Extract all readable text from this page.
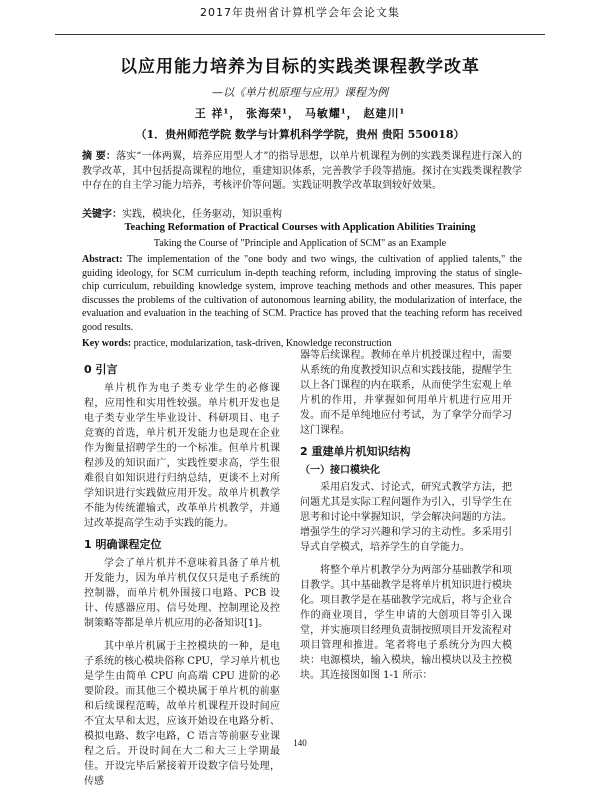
2017年贵州省计算机学会年会论文集
以应用能力培养为目标的实践类课程教学改革
—以《单片机原理与应用》课程为例
王 祥¹， 张海荣¹， 马敏耀¹， 赵建川¹
（1．贵州师范学院 数学与计算机科学学院，贵州 贵阳 550018）
摘 要：落实“一体两翼，培养应用型人才”的指导思想，以单片机课程为例的实践类课程进行深入的教学改革，其中包括提高课程的地位，重建知识体系，完善教学手段等措施。探讨在实践类课程教学中存在的自主学习能力培养，考核评价等问题。实践证明教学改革取到较好效果。
关键字：实践，模块化，任务驱动，知识重构
Teaching Reformation of Practical Courses with Application Abilities Training
Taking the Course of "Principle and Application of SCM" as an Example
Abstract: The implementation of the "one body and two wings, the cultivation of applied talents," the guiding ideology, for SCM curriculum in-depth teaching reform, including improving the status of single-chip curriculum, rebuilding knowledge system, improve teaching methods and other measures. This paper discusses the problems of the cultivation of autonomous learning ability, the modularization of interface, the evaluation and evaluation in the teaching of SCM. Practice has proved that the teaching reform has received good results.
Key words: practice, modularization, task-driven, Knowledge reconstruction
0 引言

单片机作为电子类专业学生的必修课程，应用性和实用性较强。单片机开发也是电子类专业学生毕业设计、科研项目、电子竞赛的首选，单片机开发能力也是现在企业作为衡量招聘学生的一个标准。但单片机课程涉及的知识面广，实践性要求高，学生很难很自如知识进行归纳总结，更谈不上对所学知识进行实践做应用开发。故单片机教学不能为传统灌输式，改革单片机教学，并通过改革提高学生动手实践的能力。

1 明确课程定位

学会了单片机并不意味着具备了单片机开发能力，因为单片机仅仅只是电子系统的控制器，而单片机外围接口电路、PCB 设计、传感器应用、信号处理、控制理论及控制策略等都是单片机应用的必备知识[1]。

其中单片机属于主控模块的一种，是电子系统的核心模块俗称 CPU，学习单片机也是学生由简单 CPU 向高端 CPU 进阶的必要阶段。而其他三个模块属于单片机的前驱和后续课程范畴，故单片机课程开设时间应不宜太早和太迟，应该开始设在电路分析、模拟电路、数字电路，C 语言等前驱专业课程之后。开设时间在大二和大三上学期最佳。开设完毕后紧接着开设数字信号处理，传感

器等后续课程。教师在单片机授课过程中，需要从系统的角度教授知识点和实践技能，提醒学生以上各门课程的内在联系，从而使学生宏观上单片机的作用，并掌握如何用单片机进行应用开发。而不是单纯地应付考试，为了拿学分而学习这门课程。

2 重建单片机知识结构
（一）接口模块化

采用启发式、讨论式，研究式教学方法，把问题尤其是实际工程问题作为引入，引导学生在思考和讨论中掌握知识，学会解决问题的方法。增强学生的学习兴趣和学习的主动性。多采用引导式自学模式，培养学生的自学能力。

将整个单片机教学分为两部分基础教学和项目教学。其中基础教学是将单片机知识进行模块化。项目教学是在基础教学完成后，将与企业合作的商业项目，学生申请的大创项目等引入课堂，并实施项目经理负责制按照项目开发流程对项目管理和推进。笔者将电子系统分为四大模块：电源模块，输入模块，输出模块以及主控模块。其连接图如图 1-1 所示：

140
